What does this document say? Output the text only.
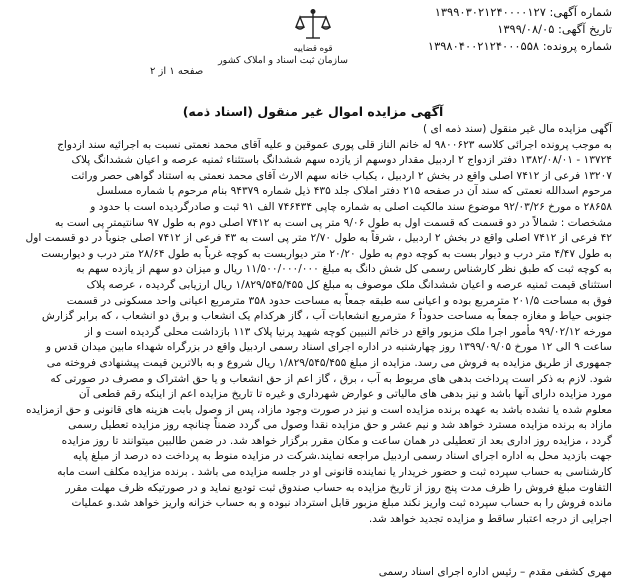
شماره آگهی: ۱۳۹۹۰۳۰۲۱۲۴۰۰۰۰۱۲۷
تاریخ آگهی: ۱۳۹۹/۰۸/۰۵
شماره پرونده: ۱۳۹۸۰۴۰۰۲۱۲۴۰۰۰۵۵۸
قوه قضاییه
سازمان ثبت اسناد و املاک کشور
صفحه ۱ از ۲
آگهی مزایده اموال غیر منقول (اسناد ذمه)

آگهی مزایده مال غیر منقول (سند ذمه ای )

به موجب پرونده اجرائی کلاسه ۹۸۰۰۶۲۳ له خانم الناز قلی پوری عموقین و علیه آقای محمد نعمتی نسبت به اجرائیه سند ازدواج

۱۳۷۲۴ - ۱۳۸۲/۰۸/۰۱ دفتر ازدواج ۲ اردبیل مقدار دوسهم از یازده سهم ششدانگ باستثناء ثمنیه عرصه و اعیان ششدانگ پلاک

۱۳۲۰۷ فرعی از ۷۴۱۲ اصلی واقع در بخش ۲ اردبیل ، یکباب خانه سهم الارث آقای محمد نعمتی به استناد گواهی حصر وراثت

مرحوم اسدالله نعمتی که سند آن در صفحه ۲۱۵ دفتر املاک جلد ۴۳۵ ذیل شماره ۹۴۳۷۹ بنام مرحوم با شماره مسلسل

۲۸۶۵۸ ه مورخ ۹۲/۰۳/۲۶ موضوع سند مالکیت اصلی به شماره چاپی ۷۴۶۴۳۴ الف ۹۱ ثبت و صادرگردیده است با حدود و

مشخصات : شمالاً در دو قسمت که قسمت اول به طول ۹/۰۶ متر پی است به ۷۴۱۲ اصلی دوم به طول ۹۷ سانتیمتر پی است به

۴۲ فرعی از ۷۴۱۲ اصلی واقع در بخش ۲ اردبیل ، شرقاً به طول ۲/۷۰ متر پی است به ۴۳ فرعی از ۷۴۱۲ اصلی جنوباً در دو قسمت اول

به طول ۴/۴۷ متر درب و دیوار بست به کوچه دوم به طول ۲۰/۲۰ متر دیواربست به کوچه غرباً به طول ۲۸/۶۴ متر درب و دیواربست

به کوچه ثبت که طبق نظر کارشناس رسمی کل شش دانگ به مبلغ ۱۱/۵۰۰/۰۰۰/۰۰۰ ریال و میزان دو سهم از یازده سهم به

استثنای قیمت ثمنیه عرصه و اعیان ششدانگ ملک موصوف به مبلغ کل ۱/۸۲۹/۵۴۵/۴۵۵ ریال ارزیابی گردیده ، عرصه پلاک

فوق به مساحت ۲۰۱/۵ مترمربع بوده و اعیانی سه طبقه جمعاً به مساحت حدود ۳۵۸ مترمربع اعیانی واحد مسکونی در قسمت

جنوبی حیاط و مغازه جمعاً به مساحت حدوداً ۶ مترمربع انشعابات آب ، گاز هرکدام یک انشعاب و برق دو انشعاب ، که برابر گزارش

مورخه ۹۹/۰۲/۱۲ مأمور اجرا ملک مزبور واقع در خاتم النبیین کوچه شهید پرنیا پلاک ۱۱۳ بازداشت محلی گردیده است و از

ساعت ۹ الی ۱۲ مورخ ۱۳۹۹/۰۹/۰۵ روز چهارشنبه در اداره اجرای اسناد رسمی اردبیل واقع در بزرگراه شهداء مابین میدان قدس و

جمهوری از طریق مزایده به فروش می رسد. مزایده از مبلغ ۱/۸۲۹/۵۴۵/۴۵۵ ریال شروع و به بالاترین قیمت پیشنهادی فروخته می

شود. لازم به ذکر است پرداخت بدهی های مربوط به آب ، برق ، گاز اعم از حق انشعاب و یا حق اشتراک و مصرف در صورتی که

مورد مزایده دارای آنها باشد و نیز بدهی های مالیاتی و عوارض شهرداری و غیره تا تاریخ مزایده اعم از اینکه رقم قطعی آن

معلوم شده یا نشده باشد به عهده برنده مزایده است و نیز در صورت وجود مازاد، پس از وصول بابت هزینه های قانونی و حق ازمزایده

مازاد به برنده مزایده مسترد خواهد شد و نیم عشر و حق مزایده نقدا وصول می گردد ضمناً چنانچه روز مزایده تعطیل رسمی

گردد ، مزایده روز اداری بعد از تعطیلی در همان ساعت و مکان مقرر برگزار خواهد شد. در ضمن طالبین میتوانند تا روز مزایده

جهت بازدید محل به اداره اجرای اسناد رسمی اردبیل مراجعه نمایند.شرکت در مزایده منوط به پرداخت ده درصد از مبلغ پایه

کارشناسی به حساب سپرده ثبت و حضور خریدار یا نماینده قانونی او در جلسه مزایده می باشد . برنده مزایده مکلف است مابه

التفاوت مبلغ فروش را ظرف مدت پنج روز از تاریخ مزایده به حساب صندوق ثبت تودیع نماید و در صورتیکه ظرف مهلت مقرر

مانده فروش را به حساب سپرده ثبت واریز نکند مبلغ مزبور قابل استرداد نبوده و به حساب خزانه واریز خواهد شد.و عملیات

اجرایی از درجه اعتبار ساقط و مزایده تجدید خواهد شد.

مهری کشفی مقدم – رئیس اداره اجرای اسناد رسمی
